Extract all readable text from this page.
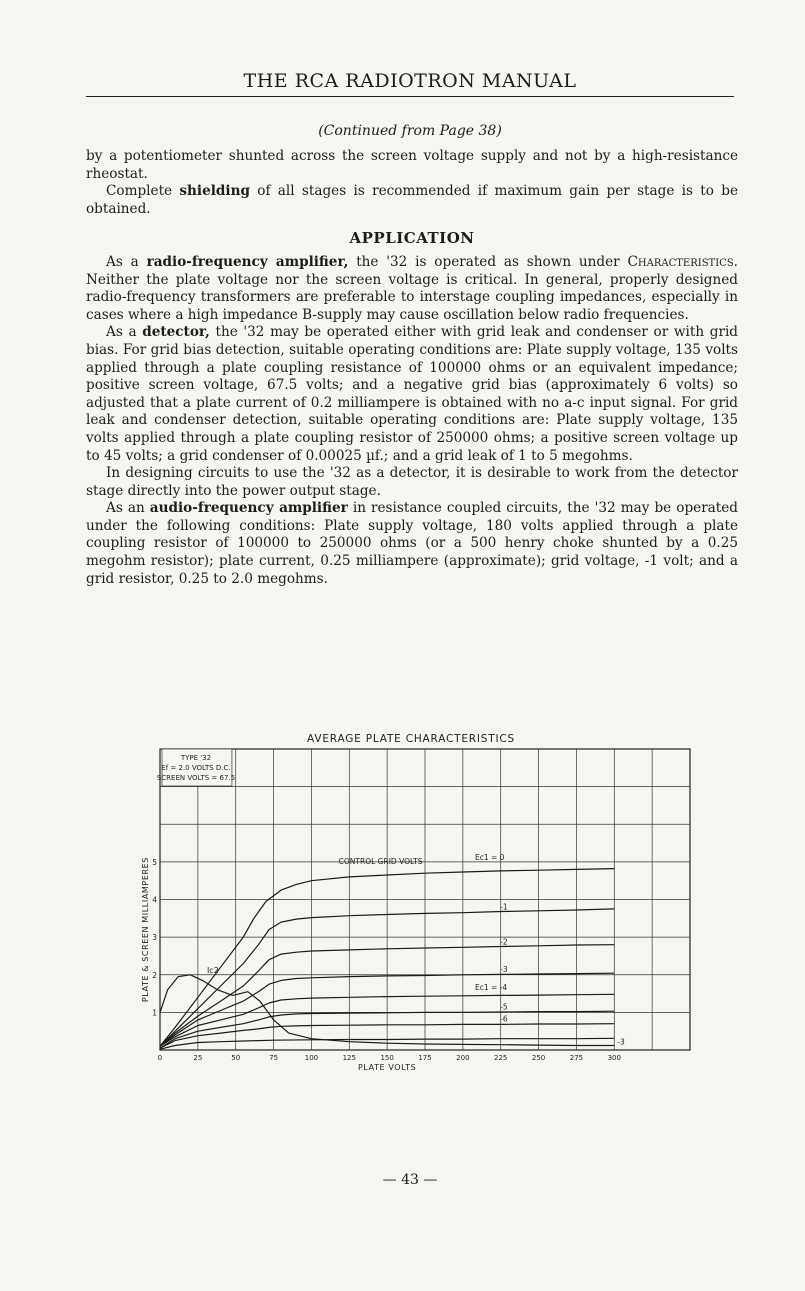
THE RCA RADIOTRON MANUAL
(Continued from Page 38)

by a potentiometer shunted across the screen voltage supply and not by a high-resistance rheostat.

Complete shielding of all stages is recommended if maximum gain per stage is to be obtained.

APPLICATION

As a radio-frequency amplifier, the '32 is operated as shown under Characteristics. Neither the plate voltage nor the screen voltage is critical. In general, properly designed radio-frequency transformers are preferable to interstage coupling impedances, especially in cases where a high impedance B-supply may cause oscillation below radio frequencies.

As a detector, the '32 may be operated either with grid leak and condenser or with grid bias. For grid bias detection, suitable operating conditions are: Plate supply voltage, 135 volts applied through a plate coupling resistance of 100000 ohms or an equivalent impedance; positive screen voltage, 67.5 volts; and a negative grid bias (approximately 6 volts) so adjusted that a plate current of 0.2 milliampere is obtained with no a-c input signal. For grid leak and condenser detection, suitable operating conditions are: Plate supply voltage, 135 volts applied through a plate coupling resistor of 250000 ohms; a positive screen voltage up to 45 volts; a grid condenser of 0.00025 µf.; and a grid leak of 1 to 5 megohms.

In designing circuits to use the '32 as a detector, it is desirable to work from the detector stage directly into the power output stage.

As an audio-frequency amplifier in resistance coupled circuits, the '32 may be operated under the following conditions: Plate supply voltage, 180 volts applied through a plate coupling resistor of 100000 to 250000 ohms (or a 500 henry choke shunted by a 0.25 megohm resistor); plate current, 0.25 milliampere (approximate); grid voltage, -1 volt; and a grid resistor, 0.25 to 2.0 megohms.

AVERAGE PLATE CHARACTERISTICS
0	25	50	75	100	125	150	175	200	225	250	275	300
1
2
3
4
5
-1
-2
-3
-5
-6
-3
TYPE '32
Ef = 2.0 VOLTS D.C.
SCREEN VOLTS = 67.5
CONTROL GRID VOLTS
Ic2
Ec1 = 0
Ec1 = -4
PLATE VOLTS
PLATE & SCREEN MILLIAMPERES
— 43 —
